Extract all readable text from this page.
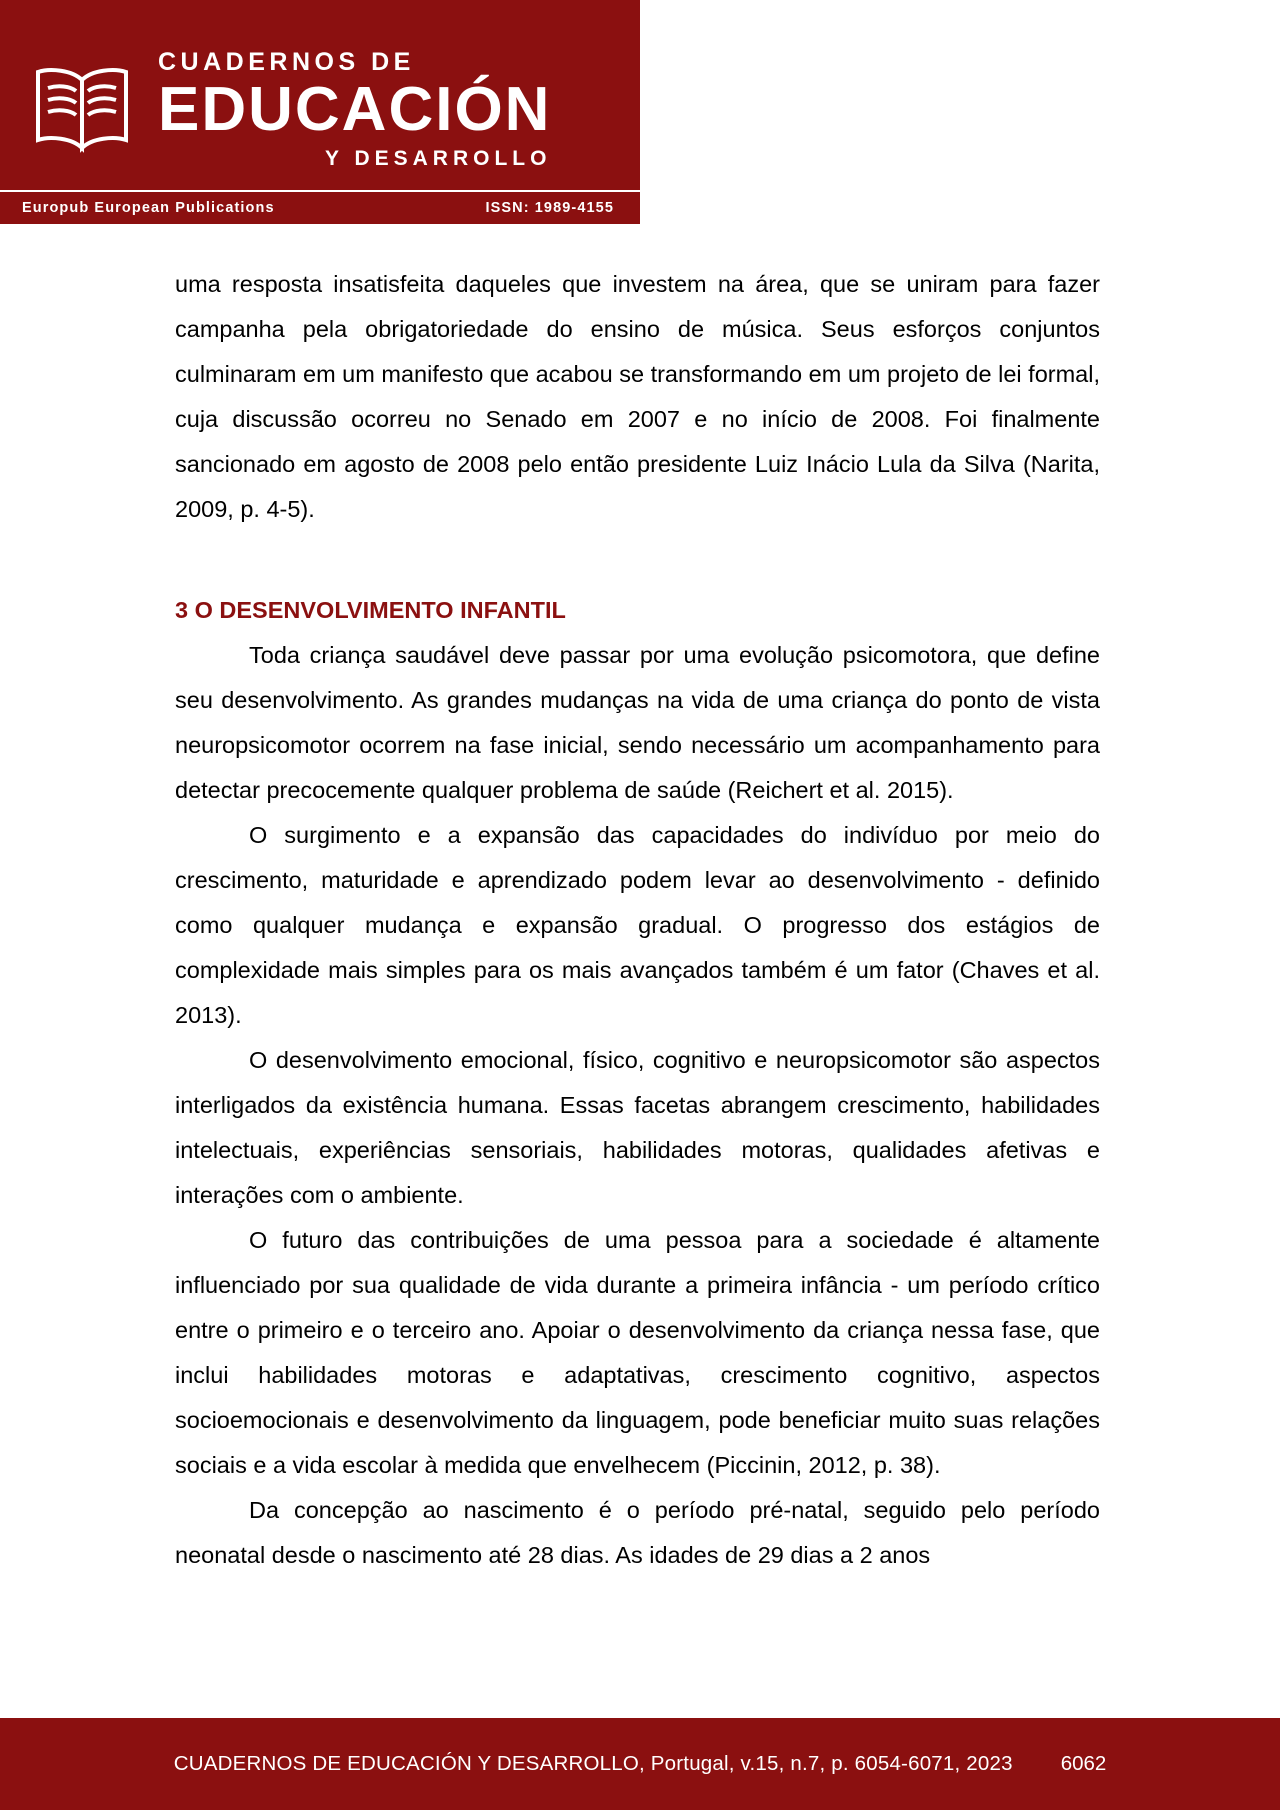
CUADERNOS DE
EDUCACIÓN
Y DESARROLLO
Europub European Publications	ISSN: 1989-4155

uma resposta insatisfeita daqueles que investem na área, que se uniram para fazer campanha pela obrigatoriedade do ensino de música. Seus esforços conjuntos culminaram em um manifesto que acabou se transformando em um projeto de lei formal, cuja discussão ocorreu no Senado em 2007 e no início de 2008. Foi finalmente sancionado em agosto de 2008 pelo então presidente Luiz Inácio Lula da Silva (Narita, 2009, p. 4-5).

3 O DESENVOLVIMENTO INFANTIL

Toda criança saudável deve passar por uma evolução psicomotora, que define seu desenvolvimento. As grandes mudanças na vida de uma criança do ponto de vista neuropsicomotor ocorrem na fase inicial, sendo necessário um acompanhamento para detectar precocemente qualquer problema de saúde (Reichert et al. 2015).

O surgimento e a expansão das capacidades do indivíduo por meio do crescimento, maturidade e aprendizado podem levar ao desenvolvimento - definido como qualquer mudança e expansão gradual. O progresso dos estágios de complexidade mais simples para os mais avançados também é um fator (Chaves et al. 2013).

O desenvolvimento emocional, físico, cognitivo e neuropsicomotor são aspectos interligados da existência humana. Essas facetas abrangem crescimento, habilidades intelectuais, experiências sensoriais, habilidades motoras, qualidades afetivas e interações com o ambiente.

O futuro das contribuições de uma pessoa para a sociedade é altamente influenciado por sua qualidade de vida durante a primeira infância - um período crítico entre o primeiro e o terceiro ano. Apoiar o desenvolvimento da criança nessa fase, que inclui habilidades motoras e adaptativas, crescimento cognitivo, aspectos socioemocionais e desenvolvimento da linguagem, pode beneficiar muito suas relações sociais e a vida escolar à medida que envelhecem (Piccinin, 2012, p. 38).

Da concepção ao nascimento é o período pré-natal, seguido pelo período neonatal desde o nascimento até 28 dias. As idades de 29 dias a 2 anos

CUADERNOS DE EDUCACIÓN Y DESARROLLO, Portugal, v.15, n.7, p. 6054-6071, 2023 6062
